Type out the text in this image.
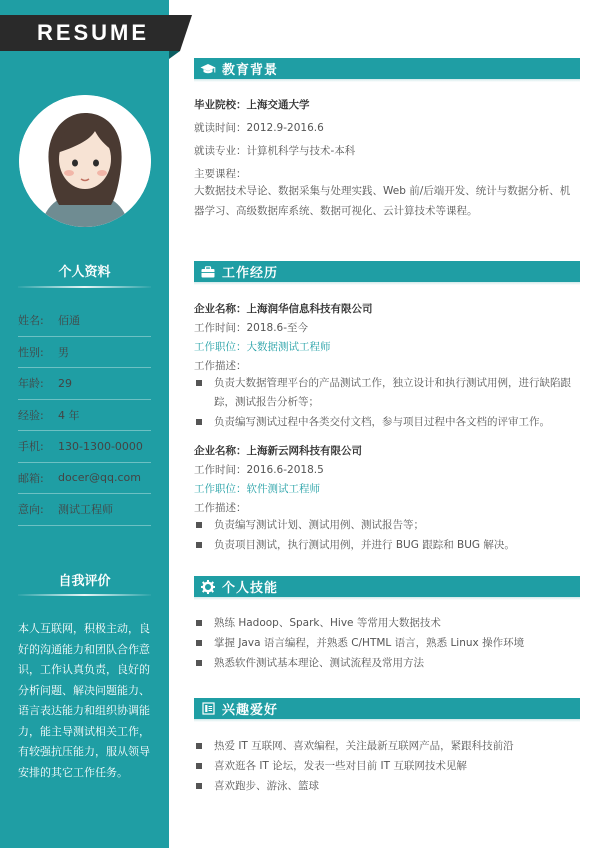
RESUME
个人资料
姓名:	佰通
性别:	男
年龄:	29
经验:	4 年
手机:	130-1300-0000
邮箱:	docer@qq.com
意向:	测试工程师
自我评价
本人互联网，积极主动，良好的沟通能力和团队合作意识，工作认真负责，良好的分析问题、解决问题能力、语言表达能力和组织协调能力，能主导测试相关工作，有较强抗压能力，服从领导安排的其它工作任务。
教育背景
毕业院校：上海交通大学
就读时间：2012.9-2016.6
就读专业：计算机科学与技术-本科
主要课程：
大数据技术导论、数据采集与处理实践、Web 前/后端开发、统计与数据分析、机器学习、高级数据库系统、数据可视化、云计算技术等课程。
工作经历
企业名称：上海润华信息科技有限公司
工作时间：2018.6-至今
工作职位：大数据测试工程师
工作描述：
负责大数据管理平台的产品测试工作，独立设计和执行测试用例，进行缺陷跟踪，测试报告分析等；
负责编写测试过程中各类交付文档，参与项目过程中各文档的评审工作。
企业名称：上海新云网科技有限公司
工作时间：2016.6-2018.5
工作职位：软件测试工程师
工作描述：
负责编写测试计划、测试用例、测试报告等；
负责项目测试，执行测试用例，并进行 BUG 跟踪和 BUG 解决。
个人技能
熟练 Hadoop、Spark、Hive 等常用大数据技术
掌握 Java 语言编程，并熟悉 C/HTML 语言，熟悉 Linux 操作环境
熟悉软件测试基本理论、测试流程及常用方法
兴趣爱好
热爱 IT 互联网、喜欢编程，关注最新互联网产品，紧跟科技前沿
喜欢逛各 IT 论坛，发表一些对目前 IT 互联网技术见解
喜欢跑步、游泳、篮球
